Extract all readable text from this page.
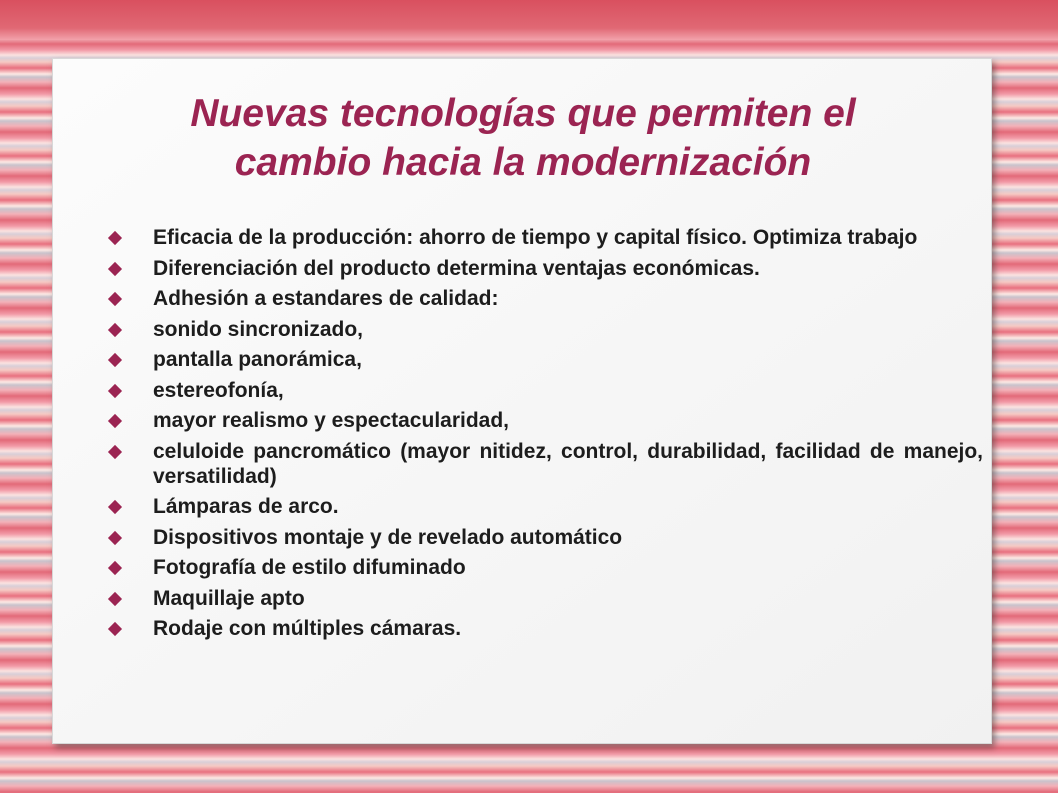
Nuevas tecnologías que permiten el
cambio hacia la modernización
Eficacia de la producción: ahorro de tiempo y capital físico. Optimiza trabajo
Diferenciación del producto determina ventajas económicas.
Adhesión a estandares de calidad:
sonido sincronizado,
pantalla panorámica,
estereofonía,
mayor realismo y espectacularidad,
celuloide pancromático (mayor nitidez, control, durabilidad, facilidad de manejo, versatilidad)
Lámparas de arco.
Dispositivos montaje y de revelado automático
Fotografía de estilo difuminado
Maquillaje apto
Rodaje con múltiples cámaras.
